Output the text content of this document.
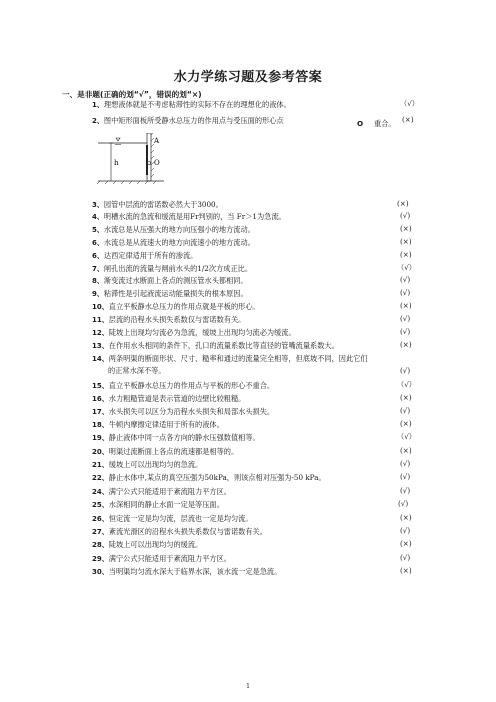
水力学练习题及参考答案
一、是非题(正确的划“√”，错误的划“×)
1、理想液体就是不考虑粘滞性的实际不存在的理想化的液体。	（√）
2、图中矩形面板所受静水总压力的作用点与受压面的形心点	(×)
3、园管中层流的雷诺数必然大于3000。	(×)
4、明槽水流的急流和缓流是用Fr判别的，当 Fr＞1为急流。	(√)
5、水流总是从压强大的地方向压强小的地方流动。	(×)
6、水流总是从流速大的地方向流速小的地方流动。	(×)
6、达西定律适用于所有的渗流。	(×)
7、闸孔出流的流量与闸前水头的1/2次方成正比。	（√）
8、渐变流过水断面上各点的测压管水头都相同。	(√)
9、粘滞性是引起液流运动能量损失的根本原因。	(√)
10、直立平板静水总压力的作用点就是平板的形心。	(×)
11、层流的沿程水头损失系数仅与雷诺数有关。	(√)
12、陡坡上出现均匀流必为急流，缓坡上出现均匀流必为缓流。	(√)
13、在作用水头相同的条件下，孔口的流量系数比等直径的管嘴流量系数大。	(×)
14、两条明渠的断面形状、尺寸、糙率和通过的流量完全相等，但底坡不同，因此它们
的正常水深不等。	(√)
15、直立平板静水总压力的作用点与平板的形心不重合。	（√）
16、水力粗糙管道是表示管道的边壁比较粗糙。	(×)
17、水头损失可以区分为沿程水头损失和局部水头损失。	(√)
18、牛顿内摩擦定律适用于所有的液体。	(×)
19、静止液体中同一点各方向的静水压强数值相等。	（√）
20、明渠过流断面上各点的流速都是相等的。	(×)
21、缓坡上可以出现均匀的急流。	(√)
22、静止水体中,某点的真空压强为50kPa，则该点相对压强为-50 kPa。	(√)
24、满宁公式只能适用于紊流阻力平方区。	(√)
25、水深相同的静止水面一定是等压面。	(√)
26、恒定流一定是均匀流，层流也一定是均匀流。	(×)
27、紊流光滑区的沿程水头损失系数仅与雷诺数有关。	(√)
28、陡坡上可以出现均匀的缓流。	(×)
29、满宁公式只能适用于紊流阻力平方区。	(√)
30、当明渠均匀流水深大于临界水深，该水流一定是急流。	(×)
O 重合。
h
A
O
1
